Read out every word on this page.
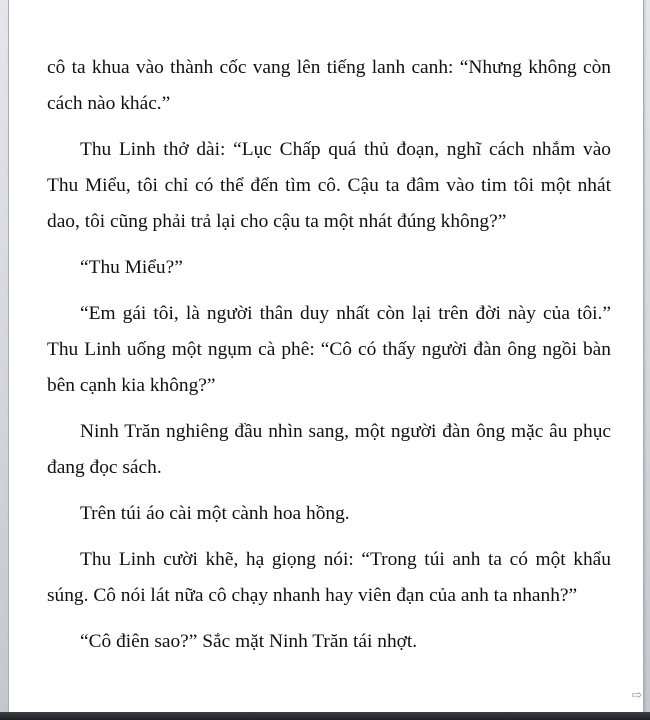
cô ta khua vào thành cốc vang lên tiếng lanh canh: “Nhưng không còn cách nào khác.”

Thu Linh thở dài: “Lục Chấp quá thủ đoạn, nghĩ cách nhắm vào Thu Miểu, tôi chỉ có thể đến tìm cô. Cậu ta đâm vào tim tôi một nhát dao, tôi cũng phải trả lại cho cậu ta một nhát đúng không?”

“Thu Miểu?”

“Em gái tôi, là người thân duy nhất còn lại trên đời này của tôi.” Thu Linh uống một ngụm cà phê: “Cô có thấy người đàn ông ngồi bàn bên cạnh kia không?”

Ninh Trăn nghiêng đầu nhìn sang, một người đàn ông mặc âu phục đang đọc sách.

Trên túi áo cài một cành hoa hồng.

Thu Linh cười khẽ, hạ giọng nói: “Trong túi anh ta có một khẩu súng. Cô nói lát nữa cô chạy nhanh hay viên đạn của anh ta nhanh?”

“Cô điên sao?” Sắc mặt Ninh Trăn tái nhợt.

⇨
